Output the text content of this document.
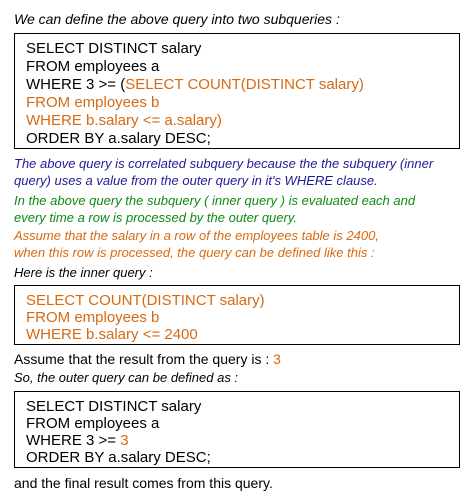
We can define the above query into two subqueries :
SELECT DISTINCT salary
FROM employees a
WHERE 3 >= (SELECT COUNT(DISTINCT salary)
FROM employees b
WHERE b.salary <= a.salary)
ORDER BY a.salary DESC;
The above query is correlated subquery because the the subquery (inner
query) uses a value from the outer query in it's WHERE clause.
In the above query the subquery ( inner query ) is evaluated each and
every time a row is processed by the outer query.
Assume that the salary in a row of the employees table is 2400,
when this row is processed, the query can be defined like this :
Here is the inner query :
SELECT COUNT(DISTINCT salary)
FROM employees b
WHERE b.salary <= 2400
Assume that the result from the query is : 3
So, the outer query can be defined as :
SELECT DISTINCT salary
FROM employees a
WHERE 3 >= 3
ORDER BY a.salary DESC;
and the final result comes from this query.
